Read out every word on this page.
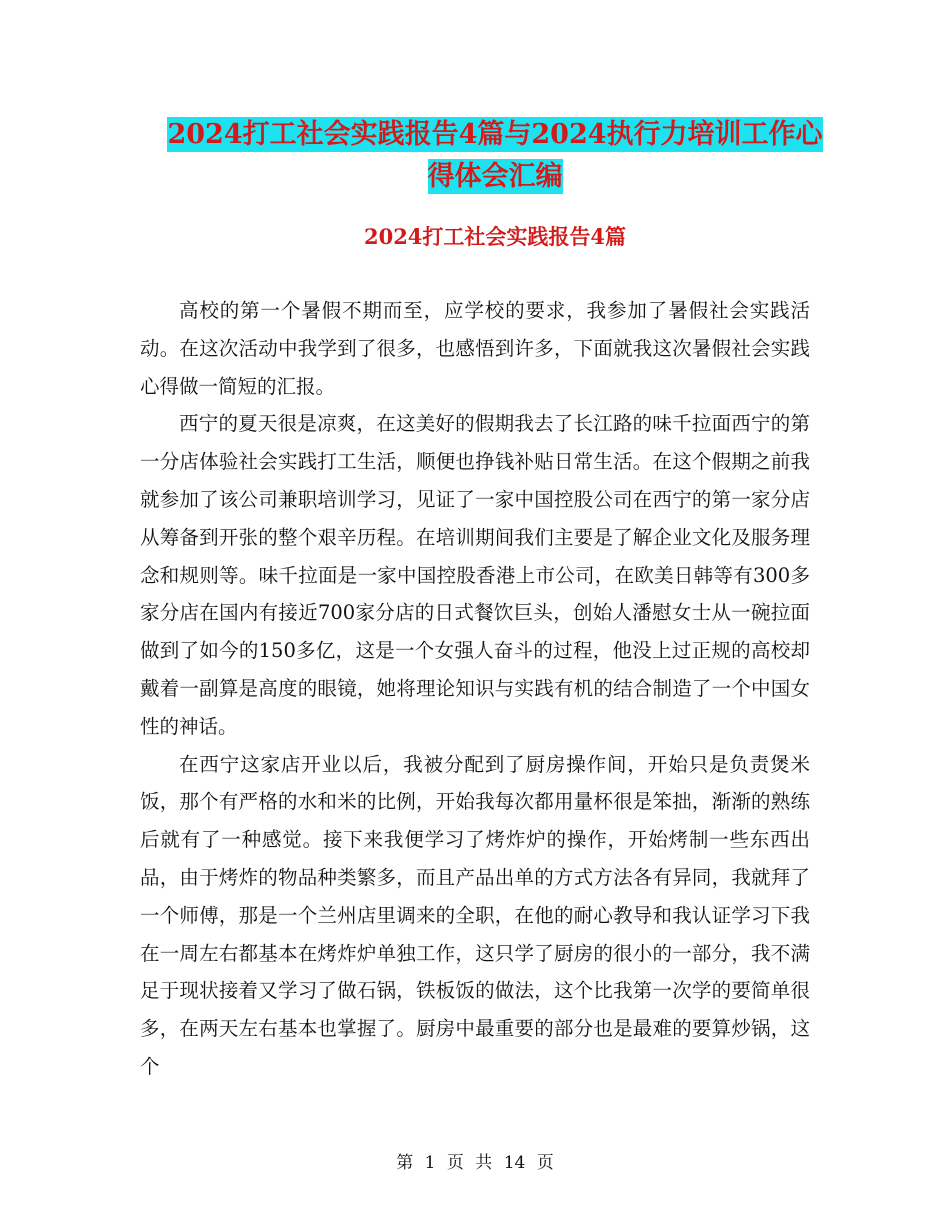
2024打工社会实践报告4篇与2024执行力培训工作心
得体会汇编
2024打工社会实践报告4篇

高校的第一个暑假不期而至，应学校的要求，我参加了暑假社会实践活动。在这次活动中我学到了很多，也感悟到许多，下面就我这次暑假社会实践心得做一简短的汇报。

西宁的夏天很是凉爽，在这美好的假期我去了长江路的味千拉面西宁的第一分店体验社会实践打工生活，顺便也挣钱补贴日常生活。在这个假期之前我就参加了该公司兼职培训学习，见证了一家中国控股公司在西宁的第一家分店从筹备到开张的整个艰辛历程。在培训期间我们主要是了解企业文化及服务理念和规则等。味千拉面是一家中国控股香港上市公司，在欧美日韩等有300多家分店在国内有接近700家分店的日式餐饮巨头，创始人潘慰女士从一碗拉面做到了如今的150多亿，这是一个女强人奋斗的过程，他没上过正规的高校却戴着一副算是高度的眼镜，她将理论知识与实践有机的结合制造了一个中国女性的神话。

在西宁这家店开业以后，我被分配到了厨房操作间，开始只是负责煲米饭，那个有严格的水和米的比例，开始我每次都用量杯很是笨拙，渐渐的熟练后就有了一种感觉。接下来我便学习了烤炸炉的操作，开始烤制一些东西出品，由于烤炸的物品种类繁多，而且产品出单的方式方法各有异同，我就拜了一个师傅，那是一个兰州店里调来的全职，在他的耐心教导和我认证学习下我在一周左右都基本在烤炸炉单独工作，这只学了厨房的很小的一部分，我不满足于现状接着又学习了做石锅，铁板饭的做法，这个比我第一次学的要简单很多，在两天左右基本也掌握了。厨房中最重要的部分也是最难的要算炒锅，这个

第 1 页 共 14 页
